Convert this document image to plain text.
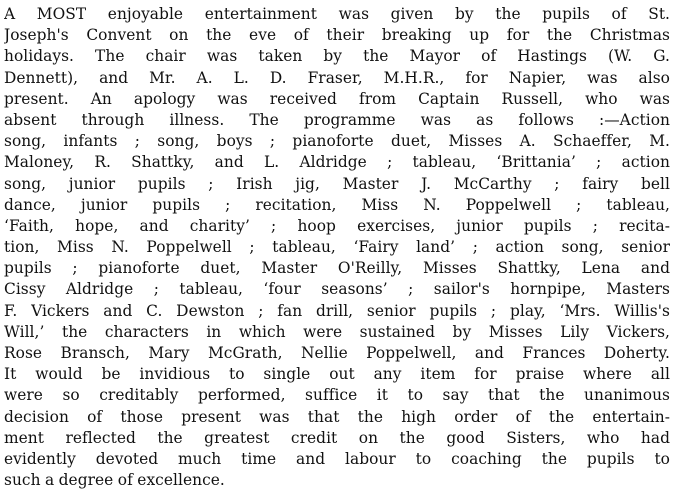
A MOST enjoyable entertainment was given by the pupils of St.
Joseph's Convent on the eve of their breaking up for the Christmas
holidays. The chair was taken by the Mayor of Hastings (W. G.
Dennett), and Mr. A. L. D. Fraser, M.H.R., for Napier, was also
present. An apology was received from Captain Russell, who was
absent through illness. The programme was as follows :—Action
song, infants ; song, boys ; pianoforte duet, Misses A. Schaeffer, M.
Maloney, R. Shattky, and L. Aldridge ; tableau, ‘Brittania’ ; action
song, junior pupils ; Irish jig, Master J. McCarthy ; fairy bell
dance, junior pupils ; recitation, Miss N. Poppelwell ; tableau,
‘Faith, hope, and charity’ ; hoop exercises, junior pupils ; recita-
tion, Miss N. Poppelwell ; tableau, ‘Fairy land’ ; action song, senior
pupils ; pianoforte duet, Master O'Reilly, Misses Shattky, Lena and
Cissy Aldridge ; tableau, ‘four seasons’ ; sailor's hornpipe, Masters
F. Vickers and C. Dewston ; fan drill, senior pupils ; play, ‘Mrs. Willis's
Will,’ the characters in which were sustained by Misses Lily Vickers,
Rose Bransch, Mary McGrath, Nellie Poppelwell, and Frances Doherty.
It would be invidious to single out any item for praise where all
were so creditably performed, suffice it to say that the unanimous
decision of those present was that the high order of the entertain-
ment reflected the greatest credit on the good Sisters, who had
evidently devoted much time and labour to coaching the pupils to
such a degree of excellence.
